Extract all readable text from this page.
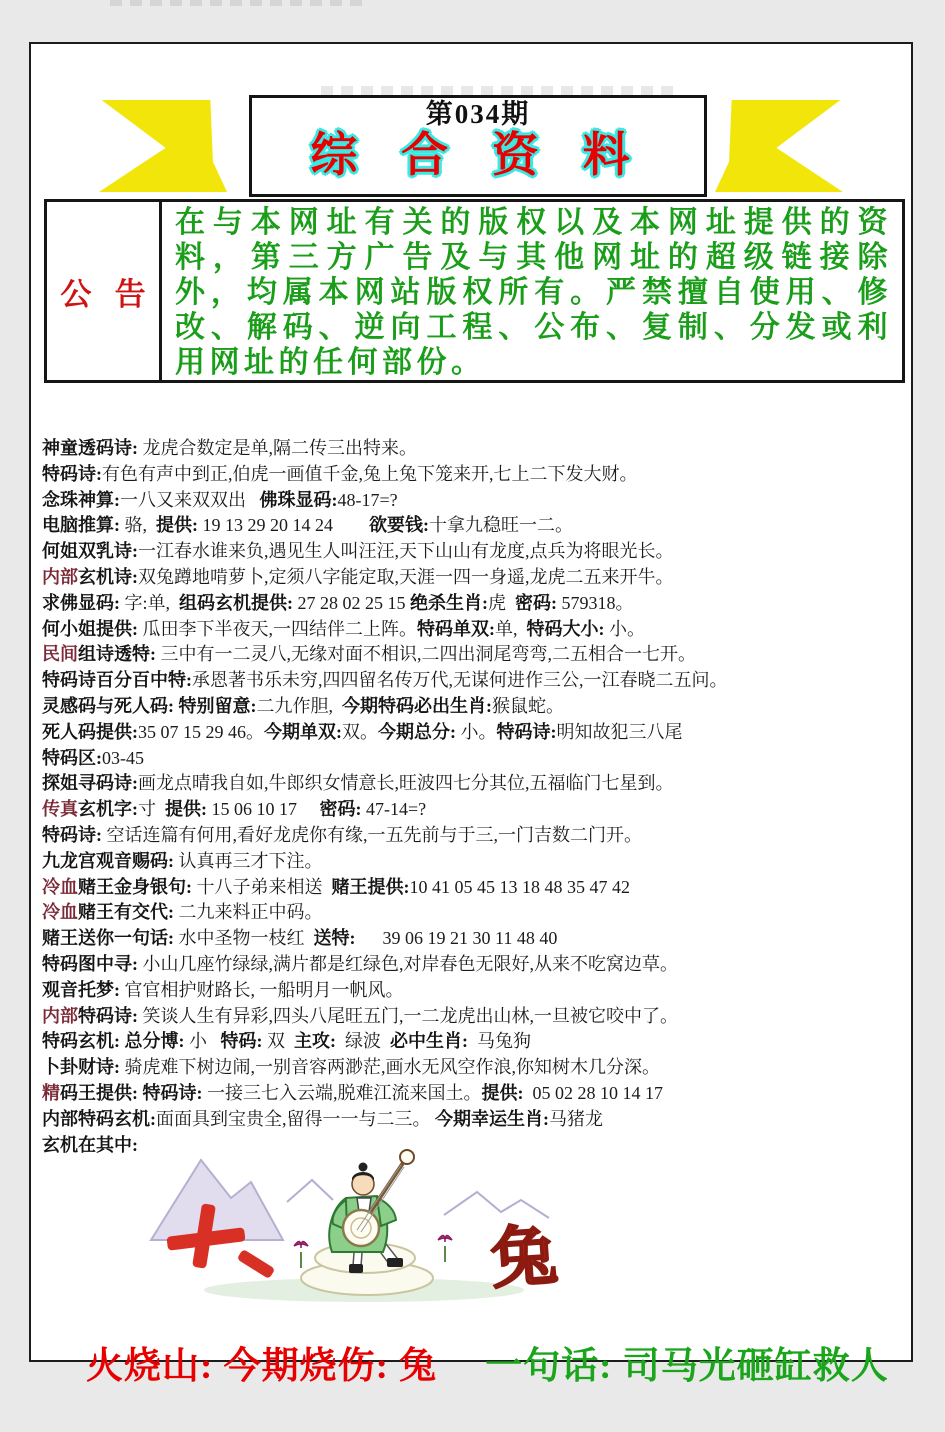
第034期
综 合 资 料
公   告
在与本网址有关的版权以及本网址提供的资料，第三方广告及与其他网址的超级链接除外，均属本网站版权所有。严禁擅自使用、修改、解码、逆向工程、公布、复制、分发或利用网址的任何部份。
神童透码诗: 龙虎合数定是单,隔二传三出特来。
特码诗:有色有声中到正,伯虎一画值千金,兔上兔下笼来开,七上二下发大财。
念珠神算:一八又来双双出   佛珠显码:48-17=?
电脑推算: 骆,  提供: 19 13 29 20 14 24        欲要钱:十拿九稳旺一二。
何姐双乳诗:一江春水谁来负,遇见生人叫汪汪,天下山山有龙度,点兵为将眼光长。
内部玄机诗:双兔蹲地啃萝卜,定须八字能定取,天涯一四一身遥,龙虎二五来开牛。
求佛显码: 字:单,  组码玄机提供: 27 28 02 25 15 绝杀生肖:虎  密码: 579318。
何小姐提供: 瓜田李下半夜天,一四结伴二上阵。特码单双:单,  特码大小: 小。
民间组诗透特: 三中有一二灵八,无缘对面不相识,二四出洞尾弯弯,二五相合一七开。
特码诗百分百中特:承恩著书乐未穷,四四留名传万代,无谋何进作三公,一江春晓二五问。
灵感码与死人码: 特别留意:二九作胆,  今期特码必出生肖:猴鼠蛇。
死人码提供:35 07 15 29 46。今期单双:双。今期总分: 小。特码诗:明知故犯三八尾
特码区:03-45
探姐寻码诗:画龙点晴我自如,牛郎织女情意长,旺波四七分其位,五福临门七星到。
传真玄机字:寸  提供: 15 06 10 17     密码: 47-14=?
特码诗: 空话连篇有何用,看好龙虎你有缘,一五先前与于三,一门吉数二门开。
九龙宫观音赐码: 认真再三才下注。
冷血赌王金身银句: 十八子弟来相送  赌王提供:10 41 05 45 13 18 48 35 47 42
冷血赌王有交代: 二九来料正中码。
赌王送你一句话: 水中圣物一枝红  送特:      39 06 19 21 30 11 48 40
特码图中寻: 小山几座竹绿绿,满片都是红绿色,对岸春色无限好,从来不吃窝边草。
观音托梦: 官官相护财路长, 一船明月一帆风。
内部特码诗: 笑谈人生有异彩,四头八尾旺五门,一二龙虎出山林,一旦被它咬中了。
特码玄机: 总分博: 小   特码: 双  主攻:  绿波  必中生肖:  马兔狗
卜卦财诗: 骑虎难下树边闹,一别音容两渺茫,画水无风空作浪,你知树木几分深。
精码王提供: 特码诗: 一接三七入云端,脱难江流来国土。提供:  05 02 28 10 14 17
内部特码玄机:面面具到宝贵全,留得一一与二三。 今期幸运生肖:马猪龙
玄机在其中:
兔

火烧山: 今期烧伤: 兔 一句话: 司马光砸缸救人
